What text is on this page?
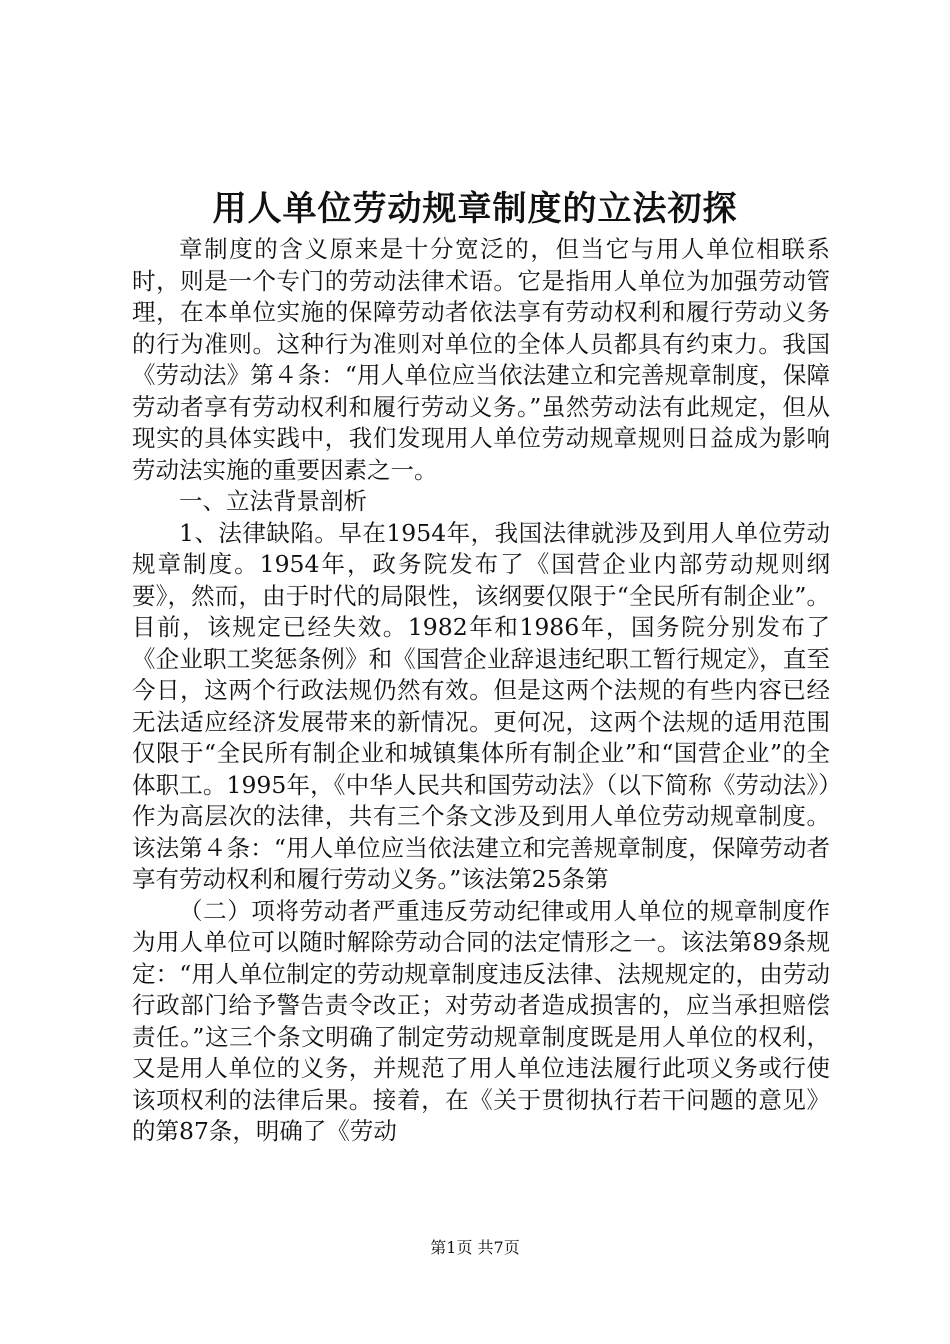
用人单位劳动规章制度的立法初探

章制度的含义原来是十分宽泛的，但当它与用人单位相联系时，则是一个专门的劳动法律术语。它是指用人单位为加强劳动管理，在本单位实施的保障劳动者依法享有劳动权利和履行劳动义务的行为准则。这种行为准则对单位的全体人员都具有约束力。我国《劳动法》第４条：“用人单位应当依法建立和完善规章制度，保障劳动者享有劳动权利和履行劳动义务。”虽然劳动法有此规定，但从现实的具体实践中，我们发现用人单位劳动规章规则日益成为影响劳动法实施的重要因素之一。

一、立法背景剖析

1、法律缺陷。早在1954年，我国法律就涉及到用人单位劳动规章制度。1954年，政务院发布了《国营企业内部劳动规则纲要》，然而，由于时代的局限性，该纲要仅限于“全民所有制企业”。目前，该规定已经失效。1982年和1986年，国务院分别发布了《企业职工奖惩条例》和《国营企业辞退违纪职工暂行规定》，直至今日，这两个行政法规仍然有效。但是这两个法规的有些内容已经无法适应经济发展带来的新情况。更何况，这两个法规的适用范围仅限于“全民所有制企业和城镇集体所有制企业”和“国营企业”的全体职工。1995年，《中华人民共和国劳动法》（以下简称《劳动法》）作为高层次的法律，共有三个条文涉及到用人单位劳动规章制度。该法第４条：“用人单位应当依法建立和完善规章制度，保障劳动者享有劳动权利和履行劳动义务。”该法第25条第

（二）项将劳动者严重违反劳动纪律或用人单位的规章制度作为用人单位可以随时解除劳动合同的法定情形之一。该法第89条规定：“用人单位制定的劳动规章制度违反法律、法规规定的，由劳动行政部门给予警告责令改正；对劳动者造成损害的，应当承担赔偿责任。”这三个条文明确了制定劳动规章制度既是用人单位的权利，又是用人单位的义务，并规范了用人单位违法履行此项义务或行使该项权利的法律后果。接着，在《关于贯彻执行若干问题的意见》的第87条，明确了《劳动

第1页 共7页
